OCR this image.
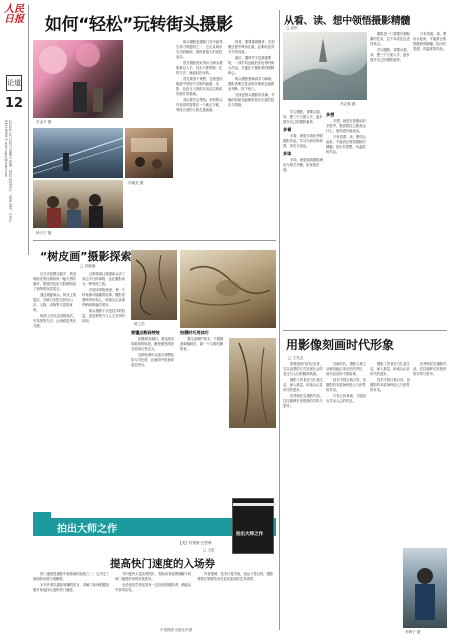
人民日报
论道
12
2024年12月20日 星期五 责编：舒星 视觉设计：高嘉 电话：0755-83518956 E-mail:sgxy@ssdz.com
如何“轻松”玩转街头摄影
吕金平 摄
杨天宁 摄
冯晓光 摄

街头摄影是摄影门类中最具生命力的题材之一，它记录城市生活的瞬间，展现普通人的喜怒哀乐。

很多摄影爱好者认为街头摄影难以入手，其实只要掌握一定的方法，就能轻松玩转。

首先要善于观察，在熟悉的街道中发现不寻常的画面，光影、色彩与人物的互动往往构成好照片的基础。

其次要学会等待。好的街头作品常常需要在一个地点守候，等待合适的人物走进画面。

再者，要尊重被摄者，在拍摄过程中保持礼貌，必要时征得对方的同意。

最后，器材并不是最重要的，一部手机也能拍出优秀的街头作品，关键在于摄影者的眼睛和心。

街头摄影强调真实与瞬间，摄影者要在复杂的环境里迅速做出判断，按下快门。

光线是街头摄影的灵魂，早晚的斜射光能够营造出丰富的层次与情绪。

“树皮画”摄影探索
□ 刘晓溪

在多次拍摄实践中，我发现树皮的纹理如同一幅天然的画作，斑驳的色彩与肌理构成了独特的视觉语言。

通过微距镜头，树皮上的裂纹、苔藓与光影交织出山川、人物、动物等丰富的意象。

构图上可以尝试框架式、引导线等方法，让画面更具形式感。

这种探索让我重新认识了身边平凡的事物，也让摄影成为一种发现之旅。

在城市的街巷里，每一个转角都可能藏着故事。摄影者要保持好奇心，用镜头记录那些稍纵即逝的美好。

街头摄影不仅是技术的较量，更是观察力与人文关怀的体现。

树之语
要懂点数码特效

拍摄树皮画时，要选择光线柔和的时段，避免强烈的阳光造成反差过大。

后期处理可以适当调整色彩与对比度，让画面中的意象更加突出。

拍摄时巧用技巧

要注意保护树木，不要随意剥落树皮，做一个文明的摄影者。

拍出大师之作	拍出大师之作
【美】布鲁斯·巴恩博
□ 王虹
提高快门速度的入场券

快门速度是摄影中最基础的参数之一，它决定了画面的动感与清晰度。

本书作者以通俗易懂的语言，讲解了如何根据拍摄对象选择合适的快门速度。

书中配有大量实例图片，帮助读者直观理解不同快门速度带来的效果差异。

无论是初学者还是有一定经验的摄影者，都能从中获得启发。

作者强调，技术只是手段，表达才是目的，摄影者要在掌握技术后追求更高的艺术境界。

中国摄影出版社供图
从看、读、想中领悟摄影精髓
□ 高松
冯志强 摄

学习摄影，需要从看、读、想三个方面入手，逐步提升自己的摄影素养。

多看

多看，就是多看优秀的摄影作品，学习大师们的构图、用光与表达。

多读

多读，就是阅读摄影理论与相关书籍，拓宽知识面。

多想

多想，就是在拍摄前后多思考，想清楚自己要表达什么，如何更好地表达。

只有将看、读、想结合起来，才能真正领悟摄影的精髓，拍出有思想、有温度的作品。

摄影是一门需要长期积累的艺术，急于求成往往适得其反。

学习摄影，需要从看、读、想三个方面入手，逐步提升自己的摄影素养。

只有将看、读、想结合起来，才能真正领悟摄影的精髓，拍出有思想、有温度的作品。

用影像刻画时代形象
□ 王先农

影像是时代的记录者，它以直观的方式呈现社会的变迁与人们的精神风貌。

摄影工作者应当扎根生活，深入基层，用镜头记录时代的进步。

优秀的纪实摄影作品，往往能够引发观者的共鸣与思考。

在新时代，摄影人要主动承担起记录历史的责任，用作品讲好中国故事。

技术手段日新月异，但摄影的本质始终是人与世界的对话。

只有心怀真诚，才能拍出打动人心的作品。

摄影工作者应当扎根生活，深入基层，用镜头记录时代的进步。

技术手段日新月异，但摄影的本质始终是人与世界的对话。

优秀的纪实摄影作品，往往能够引发观者的共鸣与思考。

李海宁 摄
